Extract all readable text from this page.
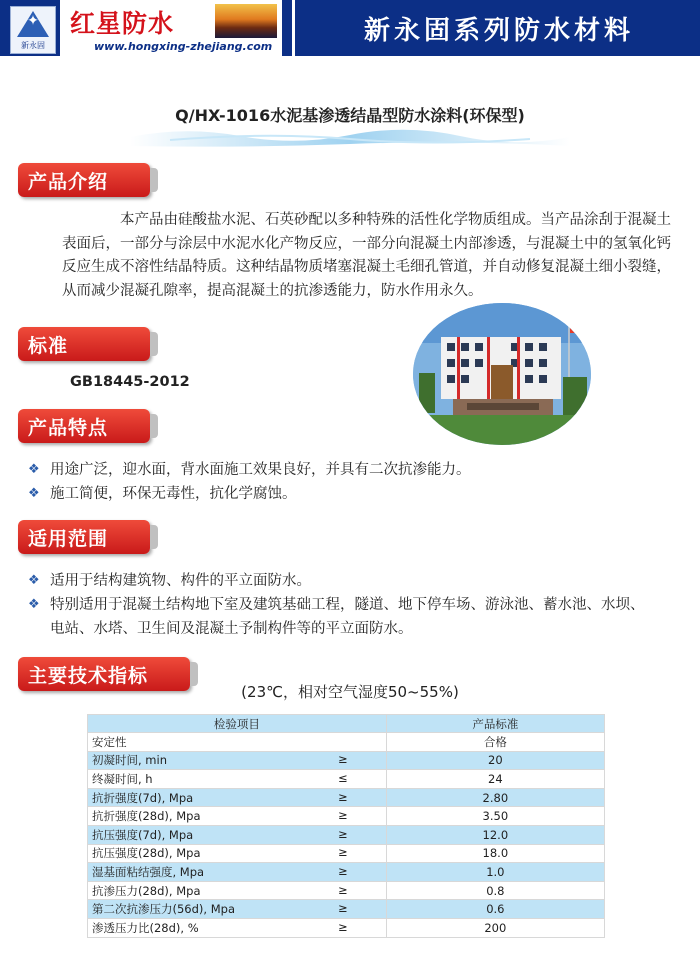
✦
新永固
红星防水
www.hongxing-zhejiang.com
新永固系列防水材料
Q/HX-1016水泥基渗透结晶型防水涂料(环保型)
产品介绍
本产品由硅酸盐水泥、石英砂配以多种特殊的活性化学物质组成。当产品涂刮于混凝土表面后，一部分与涂层中水泥水化产物反应，一部分向混凝土内部渗透，与混凝土中的氢氧化钙反应生成不溶性结晶特质。这种结晶物质堵塞混凝土毛细孔管道，并自动修复混凝土细小裂缝，从而减少混凝孔隙率，提高混凝土的抗渗透能力，防水作用永久。
标准
GB18445-2012
产品特点
❖ 用途广泛，迎水面，背水面施工效果良好，并具有二次抗渗能力。
❖ 施工简便，环保无毒性，抗化学腐蚀。
适用范围
❖ 适用于结构建筑物、构件的平立面防水。
❖ 特别适用于混凝土结构地下室及建筑基础工程，隧道、地下停车场、游泳池、蓄水池、水坝、电站、水塔、卫生间及混凝土予制构件等的平立面防水。
主要技术指标
(23℃，相对空气湿度50~55%)
检验项目	产品标准
安定性	合格
初凝时间, min ≥	20
终凝时间, h ≤	24
抗折强度(7d), Mpa ≥	2.80
抗折强度(28d), Mpa ≥	3.50
抗压强度(7d), Mpa ≥	12.0
抗压强度(28d), Mpa ≥	18.0
湿基面粘结强度, Mpa ≥	1.0
抗渗压力(28d), Mpa ≥	0.8
第二次抗渗压力(56d), Mpa ≥	0.6
渗透压力比(28d), % ≥	200
